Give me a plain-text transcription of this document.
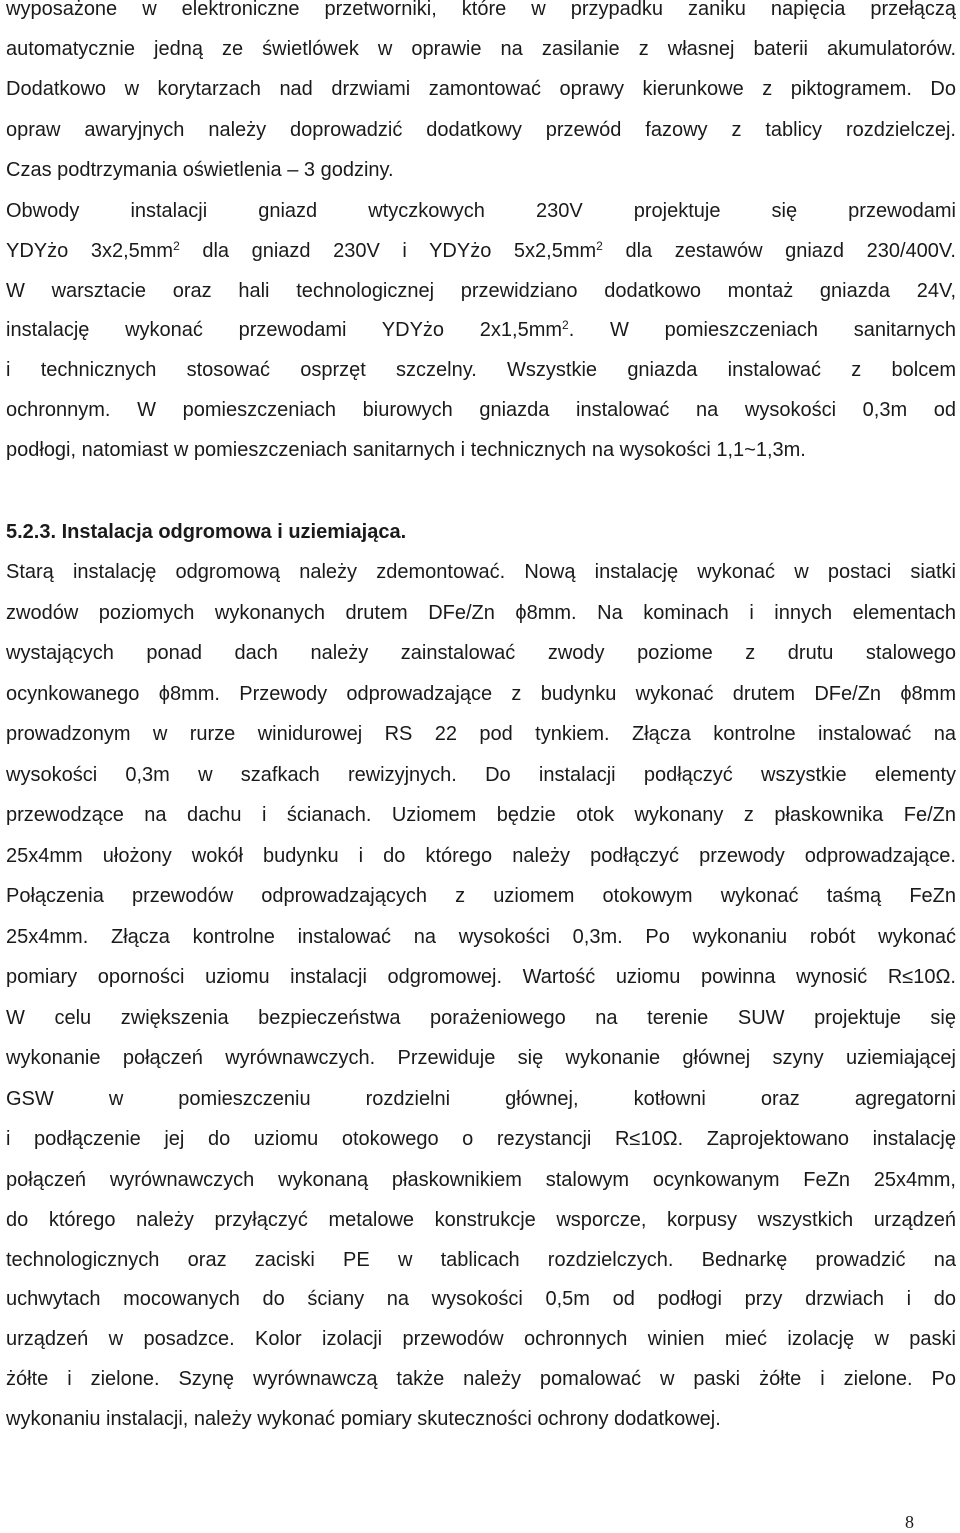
wyposażone w elektroniczne przetworniki, które w przypadku zaniku napięcia przełączą
automatycznie jedną ze świetlówek w oprawie na zasilanie z własnej baterii akumulatorów.
Dodatkowo w korytarzach nad drzwiami zamontować oprawy kierunkowe z piktogramem. Do
opraw awaryjnych należy doprowadzić dodatkowy przewód fazowy z tablicy rozdzielczej.
Czas podtrzymania oświetlenia – 3 godziny.
Obwody instalacji gniazd wtyczkowych 230V projektuje się przewodami
YDYżo $3x2,5mm^2$ dla gniazd 230V i YDYżo $5x2,5mm^2$ dla zestawów gniazd 230/400V.
W warsztacie oraz hali technologicznej przewidziano dodatkowo montaż gniazda 24V,
instalację wykonać przewodami YDYżo $2x1,5mm^2$. W pomieszczeniach sanitarnych
i technicznych stosować osprzęt szczelny. Wszystkie gniazda instalować z bolcem
ochronnym. W pomieszczeniach biurowych gniazda instalować na wysokości 0,3m od
podłogi, natomiast w pomieszczeniach sanitarnych i technicznych na wysokości 1,1~1,3m.
5.2.3. Instalacja odgromowa i uziemiająca.
Starą instalację odgromową należy zdemontować. Nową instalację wykonać w postaci siatki
zwodów poziomych wykonanych drutem DFe/Zn ϕ8mm. Na kominach i innych elementach
wystających ponad dach należy zainstalować zwody poziome z drutu stalowego
ocynkowanego ϕ8mm. Przewody odprowadzające z budynku wykonać drutem DFe/Zn ϕ8mm
prowadzonym w rurze winidurowej RS 22 pod tynkiem. Złącza kontrolne instalować na
wysokości 0,3m w szafkach rewizyjnych. Do instalacji podłączyć wszystkie elementy
przewodzące na dachu i ścianach. Uziomem będzie otok wykonany z płaskownika Fe/Zn
25x4mm ułożony wokół budynku i do którego należy podłączyć przewody odprowadzające.
Połączenia przewodów odprowadzających z uziomem otokowym wykonać taśmą FeZn
25x4mm. Złącza kontrolne instalować na wysokości 0,3m. Po wykonaniu robót wykonać
pomiary oporności uziomu instalacji odgromowej. Wartość uziomu powinna wynosić R≤10Ω.
W celu zwiększenia bezpieczeństwa porażeniowego na terenie SUW projektuje się
wykonanie połączeń wyrównawczych. Przewiduje się wykonanie głównej szyny uziemiającej
GSW w pomieszczeniu rozdzielni głównej, kotłowni oraz agregatorni
i podłączenie jej do uziomu otokowego o rezystancji R≤10Ω. Zaprojektowano instalację
połączeń wyrównawczych wykonaną płaskownikiem stalowym ocynkowanym FeZn 25x4mm,
do którego należy przyłączyć metalowe konstrukcje wsporcze, korpusy wszystkich urządzeń
technologicznych oraz zaciski PE w tablicach rozdzielczych. Bednarkę prowadzić na
uchwytach mocowanych do ściany na wysokości 0,5m od podłogi przy drzwiach i do
urządzeń w posadzce. Kolor izolacji przewodów ochronnych winien mieć izolację w paski
żółte i zielone. Szynę wyrównawczą także należy pomalować w paski żółte i zielone. Po
wykonaniu instalacji, należy wykonać pomiary skuteczności ochrony dodatkowej.
8
